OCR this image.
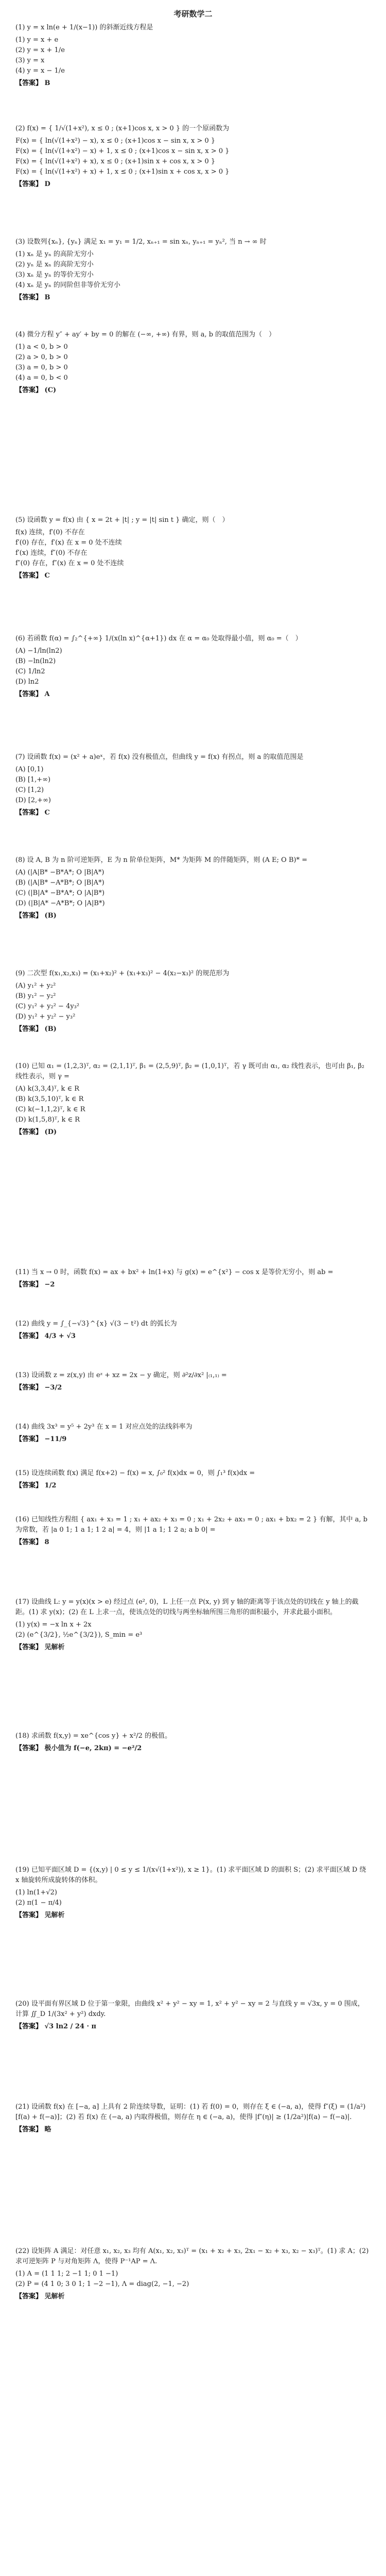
考研数学二

(1) y = x ln(e + 1/(x−1)) 的斜渐近线方程是

(1) y = x + e

(2) y = x + 1/e

(3) y = x

(4) y = x − 1/e

【答案】 B

(2) f(x) = { 1/√(1+x²), x ≤ 0 ; (x+1)cos x, x > 0 } 的一个原函数为

F(x) = { ln(√(1+x²) − x), x ≤ 0 ; (x+1)cos x − sin x, x > 0 }

F(x) = { ln(√(1+x²) − x) + 1, x ≤ 0 ; (x+1)cos x − sin x, x > 0 }

F(x) = { ln(√(1+x²) + x), x ≤ 0 ; (x+1)sin x + cos x, x > 0 }

F(x) = { ln(√(1+x²) + x) + 1, x ≤ 0 ; (x+1)sin x + cos x, x > 0 }

【答案】 D

(3) 设数列{xₙ}, {yₙ} 满足 x₁ = y₁ = 1/2, xₙ₊₁ = sin xₙ, yₙ₊₁ = yₙ², 当 n → ∞ 时

(1) xₙ 是 yₙ 的高阶无穷小

(2) yₙ 是 xₙ 的高阶无穷小

(3) xₙ 是 yₙ 的等价无穷小

(4) xₙ 是 yₙ 的同阶但非等价无穷小

【答案】 B

(4) 微分方程 y″ + ay′ + by = 0 的解在 (−∞, +∞) 有界，则 a, b 的取值范围为（　）

(1) a < 0, b > 0

(2) a > 0, b > 0

(3) a = 0, b > 0

(4) a = 0, b < 0

【答案】 (C)

(5) 设函数 y = f(x) 由 { x = 2t + |t| ; y = |t| sin t } 确定，则（　）

f(x) 连续，f′(0) 不存在

f′(0) 存在，f′(x) 在 x = 0 处不连续

f′(x) 连续，f″(0) 不存在

f″(0) 存在，f″(x) 在 x = 0 处不连续

【答案】 C

(6) 若函数 f(α) = ∫₂^{+∞} 1/(x(ln x)^{α+1}) dx 在 α = α₀ 处取得最小值，则 α₀ =（　）

(A) −1/ln(ln2)

(B) −ln(ln2)

(C) 1/ln2

(D) ln2

【答案】 A

(7) 设函数 f(x) = (x² + a)eˣ，若 f(x) 没有极值点，但曲线 y = f(x) 有拐点，则 a 的取值范围是

(A) [0,1)

(B) [1,+∞)

(C) [1,2)

(D) [2,+∞)

【答案】 C

(8) 设 A, B 为 n 阶可逆矩阵，E 为 n 阶单位矩阵，M* 为矩阵 M 的伴随矩阵，则 (A E; O B)* =

(A) (|A|B* −B*A*; O |B|A*)

(B) (|A|B* −A*B*; O |B|A*)

(C) (|B|A* −B*A*; O |A|B*)

(D) (|B|A* −A*B*; O |A|B*)

【答案】 (B)

(9) 二次型 f(x₁,x₂,x₃) = (x₁+x₂)² + (x₁+x₃)² − 4(x₂−x₃)² 的规范形为

(A) y₁² + y₂²

(B) y₁² − y₂²

(C) y₁² + y₂² − 4y₃²

(D) y₁² + y₂² − y₃²

【答案】 (B)

(10) 已知 α₁ = (1,2,3)ᵀ, α₂ = (2,1,1)ᵀ, β₁ = (2,5,9)ᵀ, β₂ = (1,0,1)ᵀ，若 γ 既可由 α₁, α₂ 线性表示，也可由 β₁, β₂ 线性表示，则 γ =

(A) k(3,3,4)ᵀ, k ∈ R

(B) k(3,5,10)ᵀ, k ∈ R

(C) k(−1,1,2)ᵀ, k ∈ R

(D) k(1,5,8)ᵀ, k ∈ R

【答案】 (D)

(11) 当 x → 0 时，函数 f(x) = ax + bx² + ln(1+x) 与 g(x) = e^{x²} − cos x 是等价无穷小，则 ab =

【答案】 −2

(12) 曲线 y = ∫_{−√3}^{x} √(3 − t²) dt 的弧长为

【答案】 4/3 + √3

(13) 设函数 z = z(x,y) 由 eᶻ + xz = 2x − y 确定，则 ∂²z/∂x² |₍₁,₁₎ =

【答案】 −3/2

(14) 曲线 3x³ = y⁵ + 2y³ 在 x = 1 对应点处的法线斜率为

【答案】 −11/9

(15) 设连续函数 f(x) 满足 f(x+2) − f(x) = x, ∫₀² f(x)dx = 0，则 ∫₁³ f(x)dx =

【答案】 1/2

(16) 已知线性方程组 { ax₁ + x₃ = 1 ; x₁ + ax₂ + x₃ = 0 ; x₁ + 2x₂ + ax₃ = 0 ; ax₁ + bx₂ = 2 } 有解，其中 a, b 为常数，若 |a 0 1; 1 a 1; 1 2 a| = 4，则 |1 a 1; 1 2 a; a b 0| =

【答案】 8

(17) 设曲线 L: y = y(x)(x > e) 经过点 (e², 0)，L 上任一点 P(x, y) 到 y 轴的距离等于该点处的切线在 y 轴上的截距。(1) 求 y(x)；(2) 在 L 上求一点，使该点处的切线与两坐标轴所围三角形的面积最小，并求此最小面积。

(1) y(x) = −x ln x + 2x

(2) (e^{3/2}, ½e^{3/2}), S_min = e³

【答案】 见解析

(18) 求函数 f(x,y) = xe^{cos y} + x²/2 的极值。

【答案】 极小值为 f(−e, 2kπ) = −e²/2

(19) 已知平面区域 D = {(x,y) | 0 ≤ y ≤ 1/(x√(1+x²)), x ≥ 1}。(1) 求平面区域 D 的面积 S；(2) 求平面区域 D 绕 x 轴旋转所成旋转体的体积。

(1) ln(1+√2)

(2) π(1 − π/4)

【答案】 见解析

(20) 设平面有界区域 D 位于第一象限，由曲线 x² + y² − xy = 1, x² + y² − xy = 2 与直线 y = √3x, y = 0 围成，计算 ∬_D 1/(3x² + y²) dxdy.

【答案】 √3 ln2 / 24 · π

(21) 设函数 f(x) 在 [−a, a] 上具有 2 阶连续导数，证明：(1) 若 f(0) = 0，则存在 ξ ∈ (−a, a)，使得 f″(ξ) = (1/a²)[f(a) + f(−a)]；(2) 若 f(x) 在 (−a, a) 内取得极值，则存在 η ∈ (−a, a)，使得 |f″(η)| ≥ (1/2a²)|f(a) − f(−a)|.

【答案】 略

(22) 设矩阵 A 满足：对任意 x₁, x₂, x₃ 均有 A(x₁, x₂, x₃)ᵀ = (x₁ + x₂ + x₃, 2x₁ − x₂ + x₃, x₂ − x₃)ᵀ。(1) 求 A；(2) 求可逆矩阵 P 与对角矩阵 Λ，使得 P⁻¹AP = Λ.

(1) A = (1 1 1; 2 −1 1; 0 1 −1)

(2) P = (4 1 0; 3 0 1; 1 −2 −1), Λ = diag(2, −1, −2)

【答案】 见解析
